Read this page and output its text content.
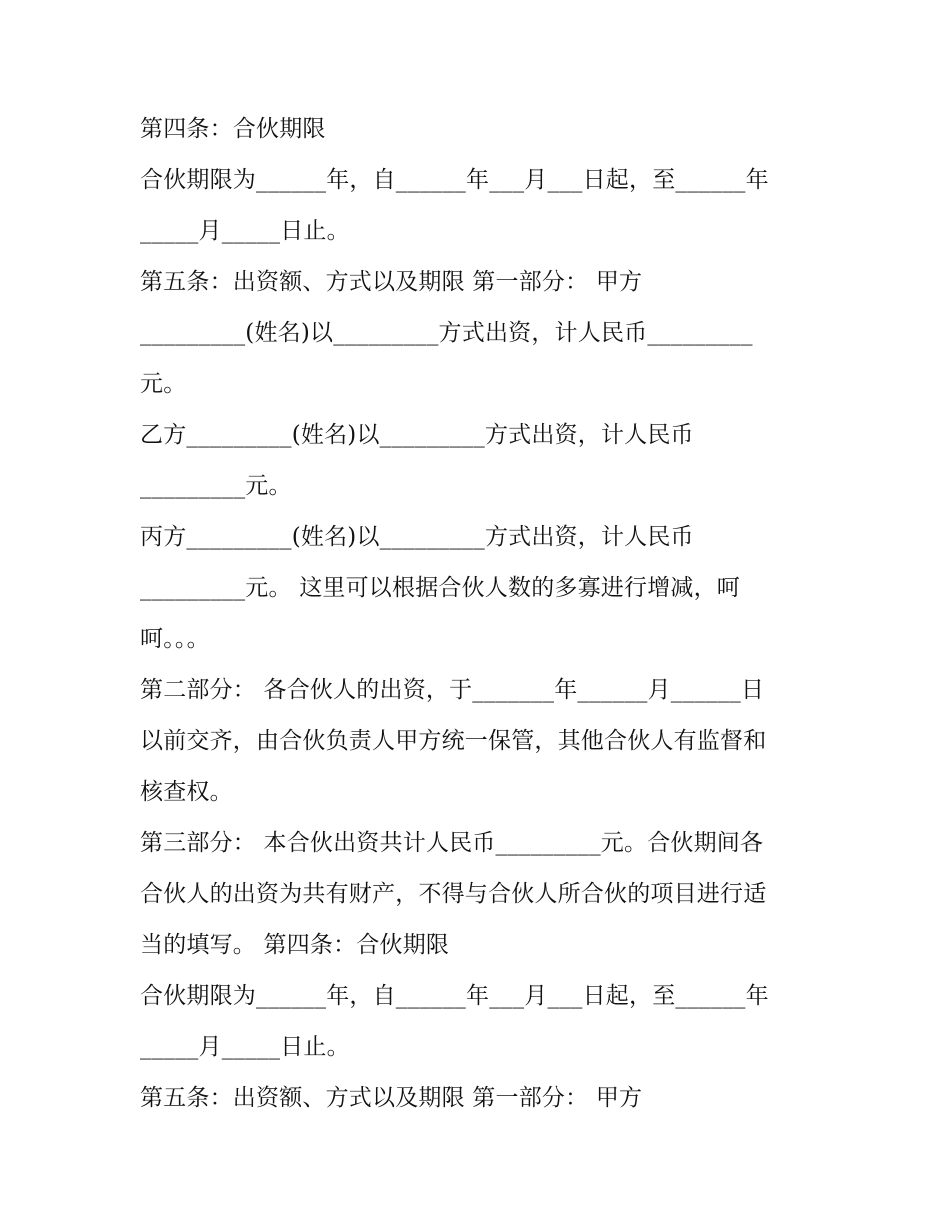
第四条：合伙期限
合伙期限为______年，自______年___月___日起，至______年
_____月_____日止。
第五条：出资额、方式以及期限 第一部分： 甲方
_________(姓名)以_________方式出资，计人民币_________
元。
乙方_________(姓名)以_________方式出资，计人民币
_________元。
丙方_________(姓名)以_________方式出资，计人民币
_________元。 这里可以根据合伙人数的多寡进行增减，呵
呵。。。
第二部分： 各合伙人的出资，于_______年______月______日
以前交齐，由合伙负责人甲方统一保管，其他合伙人有监督和
核查权。
第三部分： 本合伙出资共计人民币_________元。合伙期间各
合伙人的出资为共有财产，不得与合伙人所合伙的项目进行适
当的填写。 第四条：合伙期限
合伙期限为______年，自______年___月___日起，至______年
_____月_____日止。
第五条：出资额、方式以及期限 第一部分： 甲方
